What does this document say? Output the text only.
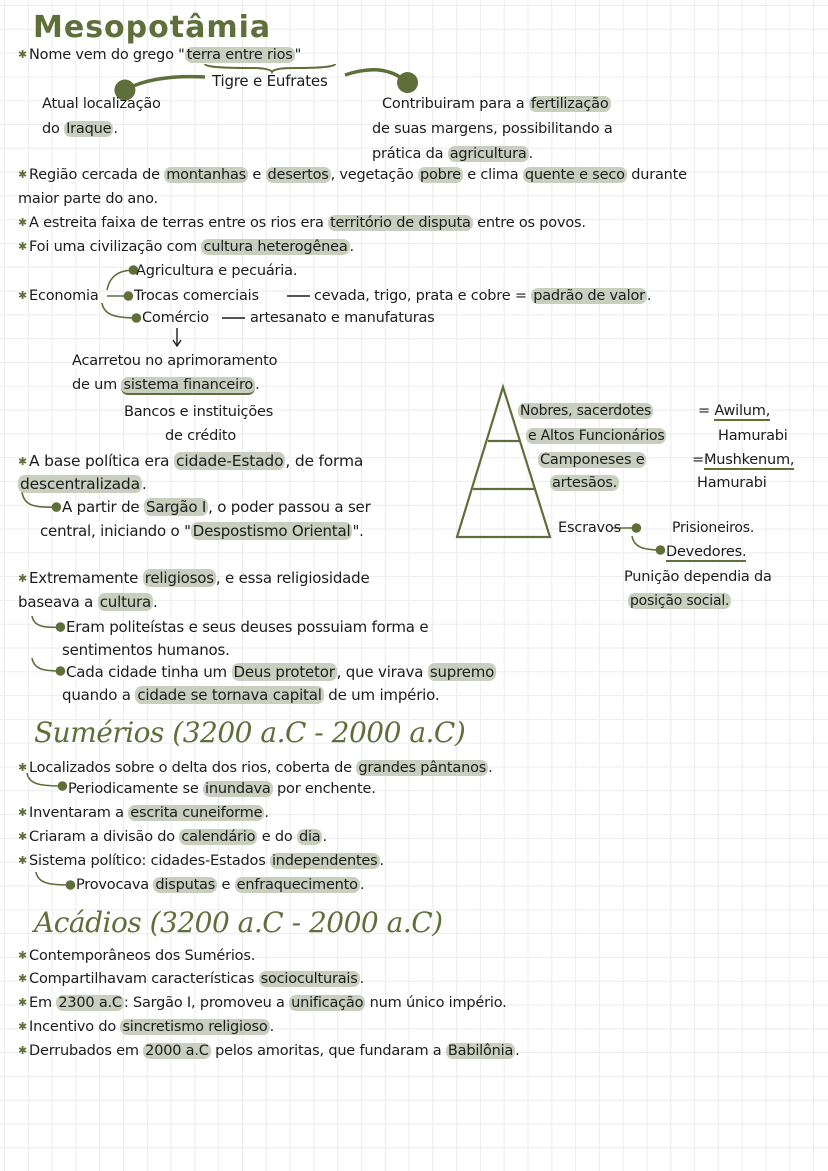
Mesopotâmia
✱ Nome vem do grego " terra entre rios "
Tigre e Eufrates
Atual localização
do Iraque .
Contribuiram para a fertilização
de suas margens, possibilitando a
prática da agricultura .
✱ Região cercada de montanhas e desertos , vegetação pobre e clima quente e seco durante
maior parte do ano.
✱ A estreita faixa de terras entre os rios era território de disputa entre os povos.
✱ Foi uma civilização com cultura heterogênea .
Agricultura e pecuária.
✱ Economia Trocas comerciais	cevada, trigo, prata e cobre = padrão de valor .
Comércio	artesanato e manufaturas
Acarretou no aprimoramento
de um sistema financeiro .
Bancos e instituições
de crédito
✱ A base política era cidade-Estado , de forma
descentralizada .
A partir de Sargão I , o poder passou a ser
central, iniciando o " Despostismo Oriental ".
Nobres, sacerdotes
e Altos Funcionários
= Awilum,
Hamurabi
Camponeses e
artesãos.
=Mushkenum,
Hamurabi
Escravos	Prisioneiros.
Devedores.
Punição dependia da
posição social.
✱ Extremamente religiosos , e essa religiosidade
baseava a cultura .
Eram politeístas e seus deuses possuiam forma e
sentimentos humanos.
Cada cidade tinha um Deus protetor , que virava supremo
quando a cidade se tornava capital de um império.
Sumérios (3200 a.C - 2000 a.C)
✱ Localizados sobre o delta dos rios, coberta de grandes pântanos .
Periodicamente se inundava por enchente.
✱ Inventaram a escrita cuneiforme .
✱ Criaram a divisão do calendário e do dia .
✱ Sistema político: cidades-Estados independentes .
Provocava disputas e enfraquecimento .
Acádios (3200 a.C - 2000 a.C)
✱ Contemporâneos dos Sumérios.
✱ Compartilhavam características socioculturais .
✱ Em 2300 a.C : Sargão I, promoveu a unificação num único império.
✱ Incentivo do sincretismo religioso .
✱ Derrubados em 2000 a.C pelos amoritas, que fundaram a Babilônia .
